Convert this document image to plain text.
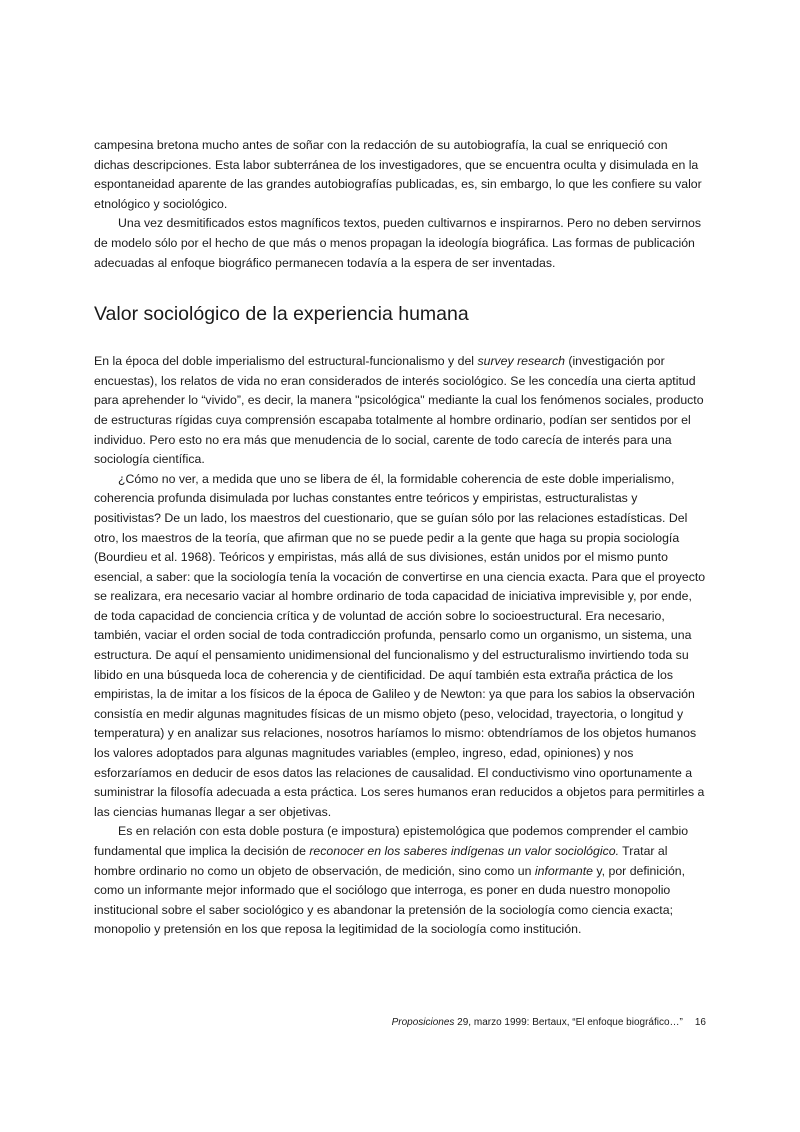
campesina bretona mucho antes de soñar con la redacción de su autobiografía, la cual se enriqueció con dichas descripciones. Esta labor subterránea de los investigadores, que se encuentra oculta y disimulada en la espontaneidad aparente de las grandes autobiografías publicadas, es, sin embargo, lo que les confiere su valor etnológico y sociológico.

Una vez desmitificados estos magníficos textos, pueden cultivarnos e inspirarnos. Pero no deben servirnos de modelo sólo por el hecho de que más o menos propagan la ideología biográfica. Las formas de publicación adecuadas al enfoque biográfico permanecen todavía a la espera de ser inventadas.

Valor sociológico de la experiencia humana

En la época del doble imperialismo del estructural-funcionalismo y del survey research (investigación por encuestas), los relatos de vida no eran considerados de interés sociológico. Se les concedía una cierta aptitud para aprehender lo “vivido”, es decir, la manera "psicológica" mediante la cual los fenómenos sociales, producto de estructuras rígidas cuya comprensión escapaba totalmente al hombre ordinario, podían ser sentidos por el individuo. Pero esto no era más que menudencia de lo social, carente de todo carecía de interés para una sociología científica.

¿Cómo no ver, a medida que uno se libera de él, la formidable coherencia de este doble imperialismo, coherencia profunda disimulada por luchas constantes entre teóricos y empiristas, estructuralistas y positivistas? De un lado, los maestros del cuestionario, que se guían sólo por las relaciones estadísticas. Del otro, los maestros de la teoría, que afirman que no se puede pedir a la gente que haga su propia sociología (Bourdieu et al. 1968). Teóricos y empiristas, más allá de sus divisiones, están unidos por el mismo punto esencial, a saber: que la sociología tenía la vocación de convertirse en una ciencia exacta. Para que el proyecto se realizara, era necesario vaciar al hombre ordinario de toda capacidad de iniciativa imprevisible y, por ende, de toda capacidad de conciencia crítica y de voluntad de acción sobre lo socioestructural. Era necesario, también, vaciar el orden social de toda contradicción profunda, pensarlo como un organismo, un sistema, una estructura. De aquí el pensamiento unidimensional del funcionalismo y del estructuralismo invirtiendo toda su libido en una búsqueda loca de coherencia y de cientificidad. De aquí también esta extraña práctica de los empiristas, la de imitar a los físicos de la época de Galileo y de Newton: ya que para los sabios la observación consistía en medir algunas magnitudes físicas de un mismo objeto (peso, velocidad, trayectoria, o longitud y temperatura) y en analizar sus relaciones, nosotros haríamos lo mismo: obtendríamos de los objetos humanos los valores adoptados para algunas magnitudes variables (empleo, ingreso, edad, opiniones) y nos esforzaríamos en deducir de esos datos las relaciones de causalidad. El conductivismo vino oportunamente a suministrar la filosofía adecuada a esta práctica. Los seres humanos eran reducidos a objetos para permitirles a las ciencias humanas llegar a ser objetivas.

Es en relación con esta doble postura (e impostura) epistemológica que podemos comprender el cambio fundamental que implica la decisión de reconocer en los saberes indígenas un valor sociológico. Tratar al hombre ordinario no como un objeto de observación, de medición, sino como un informante y, por definición, como un informante mejor informado que el sociólogo que interroga, es poner en duda nuestro monopolio institucional sobre el saber sociológico y es abandonar la pretensión de la sociología como ciencia exacta; monopolio y pretensión en los que reposa la legitimidad de la sociología como institución.

Proposiciones 29, marzo 1999: Bertaux, “El enfoque biográfico…” 16
